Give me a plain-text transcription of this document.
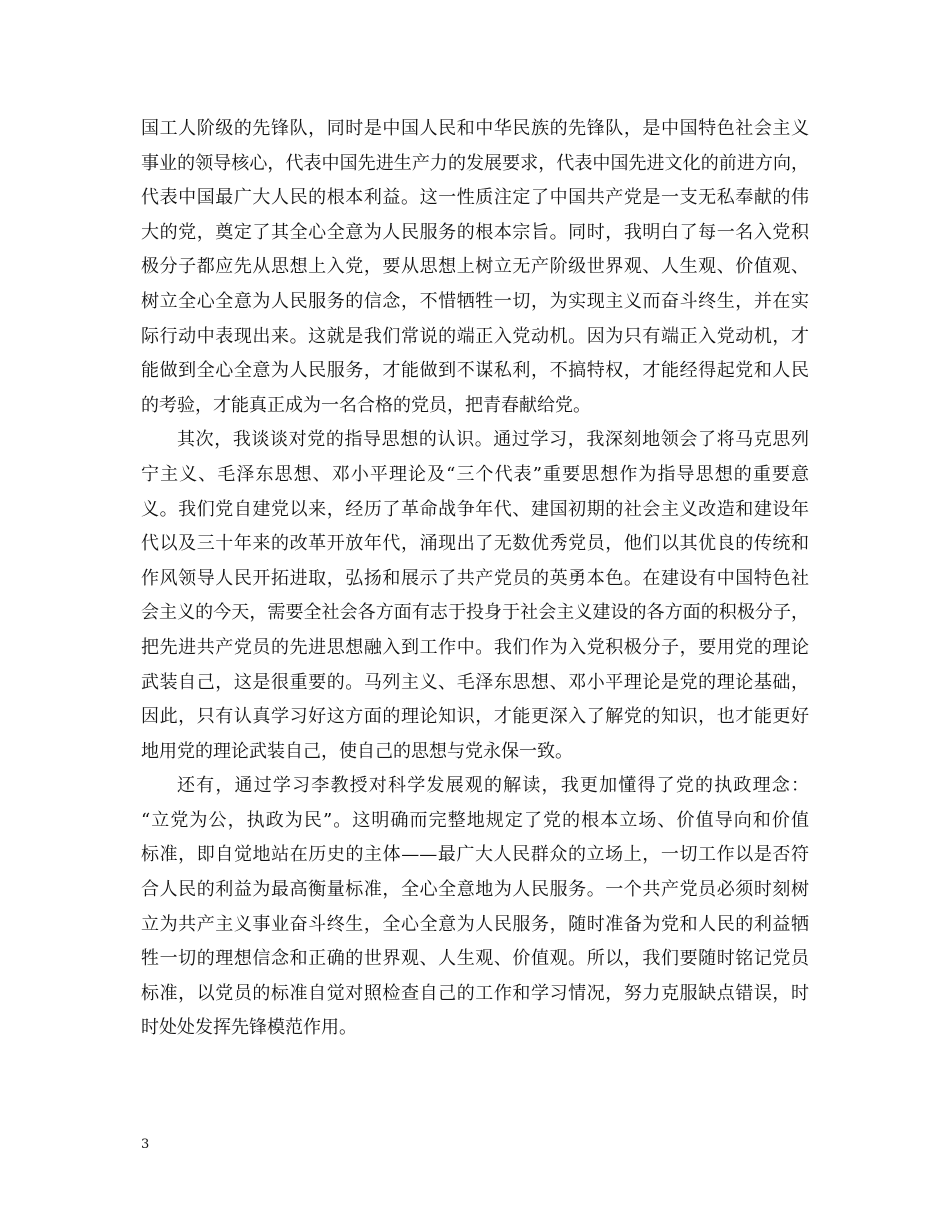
国工人阶级的先锋队，同时是中国人民和中华民族的先锋队，是中国特色社会主义
事业的领导核心，代表中国先进生产力的发展要求，代表中国先进文化的前进方向，
代表中国最广大人民的根本利益。这一性质注定了中国共产党是一支无私奉献的伟
大的党，奠定了其全心全意为人民服务的根本宗旨。同时，我明白了每一名入党积
极分子都应先从思想上入党，要从思想上树立无产阶级世界观、人生观、价值观、
树立全心全意为人民服务的信念，不惜牺牲一切，为实现主义而奋斗终生，并在实
际行动中表现出来。这就是我们常说的端正入党动机。因为只有端正入党动机，才
能做到全心全意为人民服务，才能做到不谋私利，不搞特权，才能经得起党和人民
的考验，才能真正成为一名合格的党员，把青春献给党。
其次，我谈谈对党的指导思想的认识。通过学习，我深刻地领会了将马克思列
宁主义、毛泽东思想、邓小平理论及“三个代表”重要思想作为指导思想的重要意
义。我们党自建党以来，经历了革命战争年代、建国初期的社会主义改造和建设年
代以及三十年来的改革开放年代，涌现出了无数优秀党员，他们以其优良的传统和
作风领导人民开拓进取，弘扬和展示了共产党员的英勇本色。在建设有中国特色社
会主义的今天，需要全社会各方面有志于投身于社会主义建设的各方面的积极分子，
把先进共产党员的先进思想融入到工作中。我们作为入党积极分子，要用党的理论
武装自己，这是很重要的。马列主义、毛泽东思想、邓小平理论是党的理论基础，
因此，只有认真学习好这方面的理论知识，才能更深入了解党的知识，也才能更好
地用党的理论武装自己，使自己的思想与党永保一致。
还有，通过学习李教授对科学发展观的解读，我更加懂得了党的执政理念：
“立党为公，执政为民”。这明确而完整地规定了党的根本立场、价值导向和价值
标准，即自觉地站在历史的主体——最广大人民群众的立场上，一切工作以是否符
合人民的利益为最高衡量标准，全心全意地为人民服务。一个共产党员必须时刻树
立为共产主义事业奋斗终生，全心全意为人民服务，随时准备为党和人民的利益牺
牲一切的理想信念和正确的世界观、人生观、价值观。所以，我们要随时铭记党员
标准，以党员的标准自觉对照检查自己的工作和学习情况，努力克服缺点错误，时
时处处发挥先锋模范作用。
3
